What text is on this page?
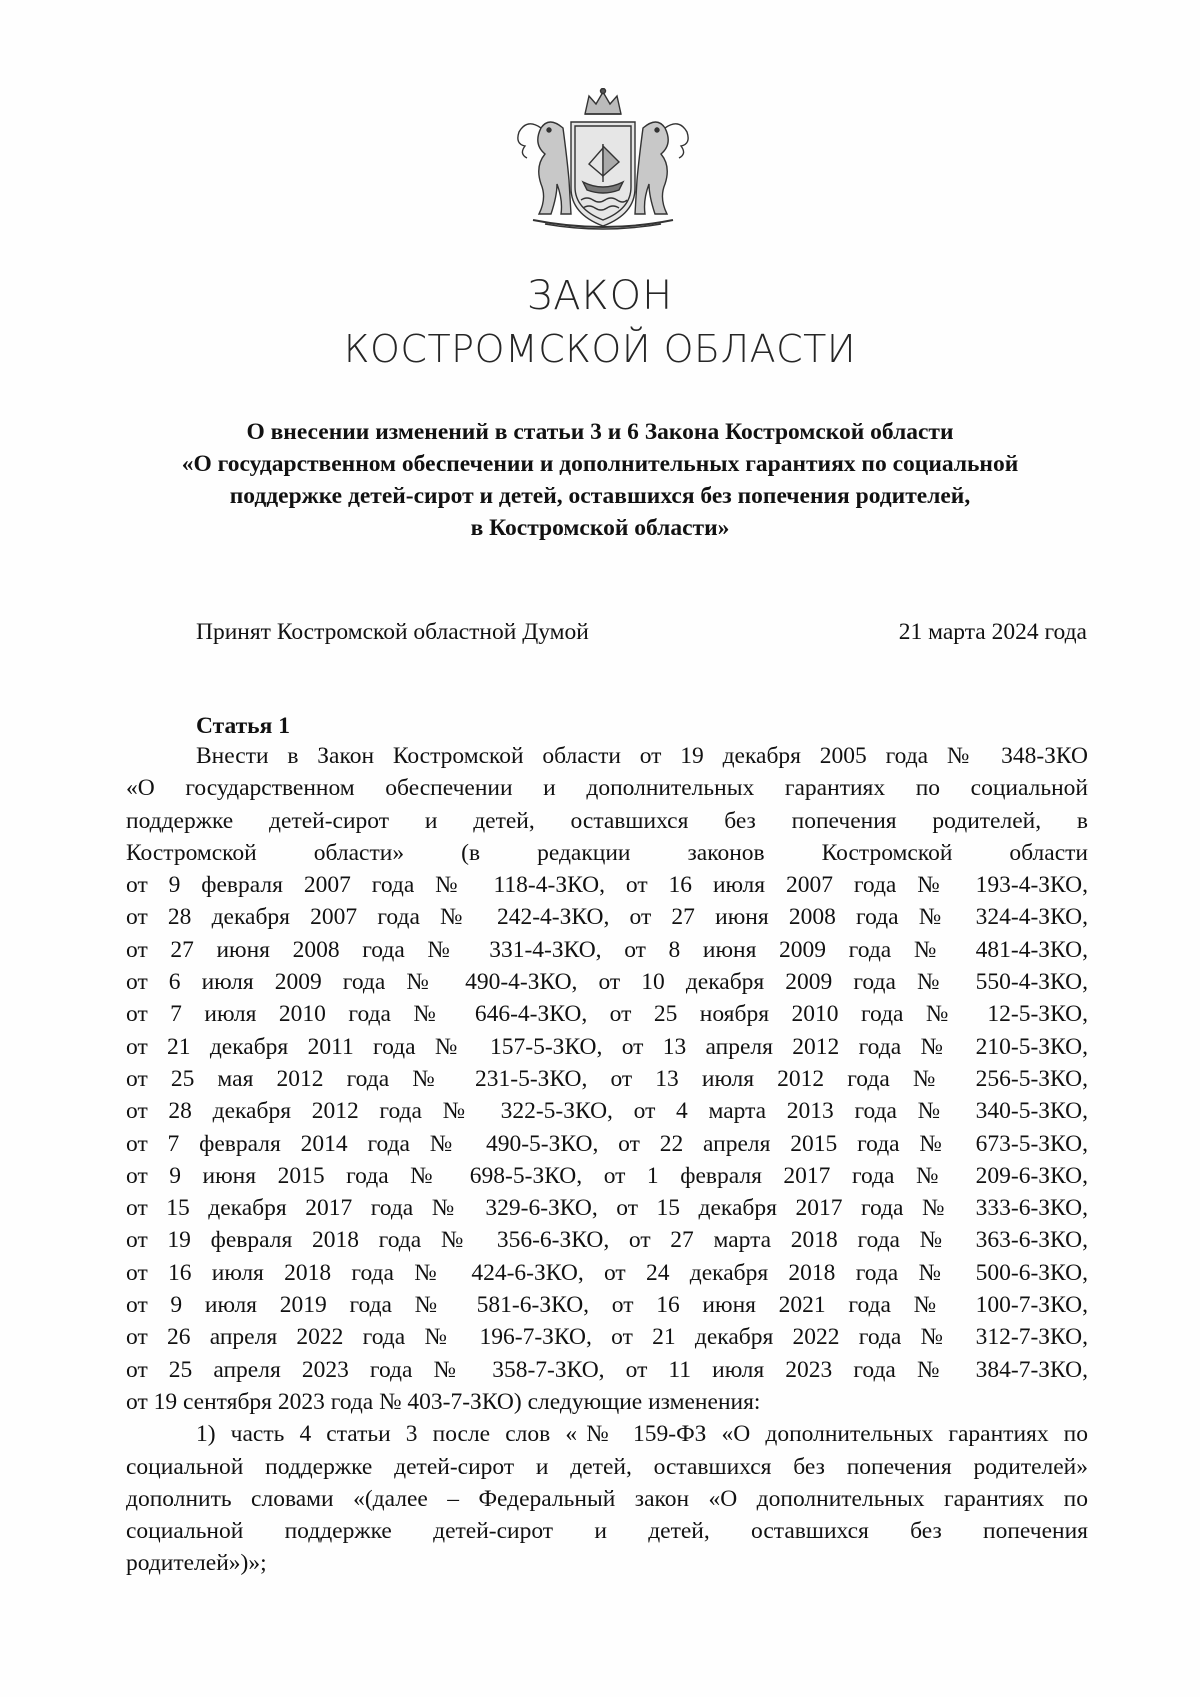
ЗАКОН
КОСТРОМСКОЙ ОБЛАСТИ
О внесении изменений в статьи 3 и 6 Закона Костромской области
«О государственном обеспечении и дополнительных гарантиях по социальной
поддержке детей-сирот и детей, оставшихся без попечения родителей,
в Костромской области»
Принят Костромской областной Думой	21 марта 2024 года
Статья 1
Внести в Закон Костромской области от 19 декабря 2005 года № 348-ЗКО
«О государственном обеспечении и дополнительных гарантиях по социальной
поддержке детей-сирот и детей, оставшихся без попечения родителей, в
Костромской области» (в редакции законов Костромской области
от 9 февраля 2007 года № 118-4-ЗКО, от 16 июля 2007 года № 193-4-ЗКО,
от 28 декабря 2007 года № 242-4-ЗКО, от 27 июня 2008 года № 324-4-ЗКО,
от 27 июня 2008 года № 331-4-ЗКО, от 8 июня 2009 года № 481-4-ЗКО,
от 6 июля 2009 года № 490-4-ЗКО, от 10 декабря 2009 года № 550-4-ЗКО,
от 7 июля 2010 года № 646-4-ЗКО, от 25 ноября 2010 года № 12-5-ЗКО,
от 21 декабря 2011 года № 157-5-ЗКО, от 13 апреля 2012 года № 210-5-ЗКО,
от 25 мая 2012 года № 231-5-ЗКО, от 13 июля 2012 года № 256-5-ЗКО,
от 28 декабря 2012 года № 322-5-ЗКО, от 4 марта 2013 года № 340-5-ЗКО,
от 7 февраля 2014 года № 490-5-ЗКО, от 22 апреля 2015 года № 673-5-ЗКО,
от 9 июня 2015 года № 698-5-ЗКО, от 1 февраля 2017 года № 209-6-ЗКО,
от 15 декабря 2017 года № 329-6-ЗКО, от 15 декабря 2017 года № 333-6-ЗКО,
от 19 февраля 2018 года № 356-6-ЗКО, от 27 марта 2018 года № 363-6-ЗКО,
от 16 июля 2018 года № 424-6-ЗКО, от 24 декабря 2018 года № 500-6-ЗКО,
от 9 июля 2019 года № 581-6-ЗКО, от 16 июня 2021 года № 100-7-ЗКО,
от 26 апреля 2022 года № 196-7-ЗКО, от 21 декабря 2022 года № 312-7-ЗКО,
от 25 апреля 2023 года № 358-7-ЗКО, от 11 июля 2023 года № 384-7-ЗКО,
от 19 сентября 2023 года № 403-7-ЗКО) следующие изменения:
1) часть 4 статьи 3 после слов «№ 159-ФЗ «О дополнительных гарантиях по
социальной поддержке детей-сирот и детей, оставшихся без попечения родителей»
дополнить словами «(далее – Федеральный закон «О дополнительных гарантиях по
социальной поддержке детей-сирот и детей, оставшихся без попечения
родителей»)»;
